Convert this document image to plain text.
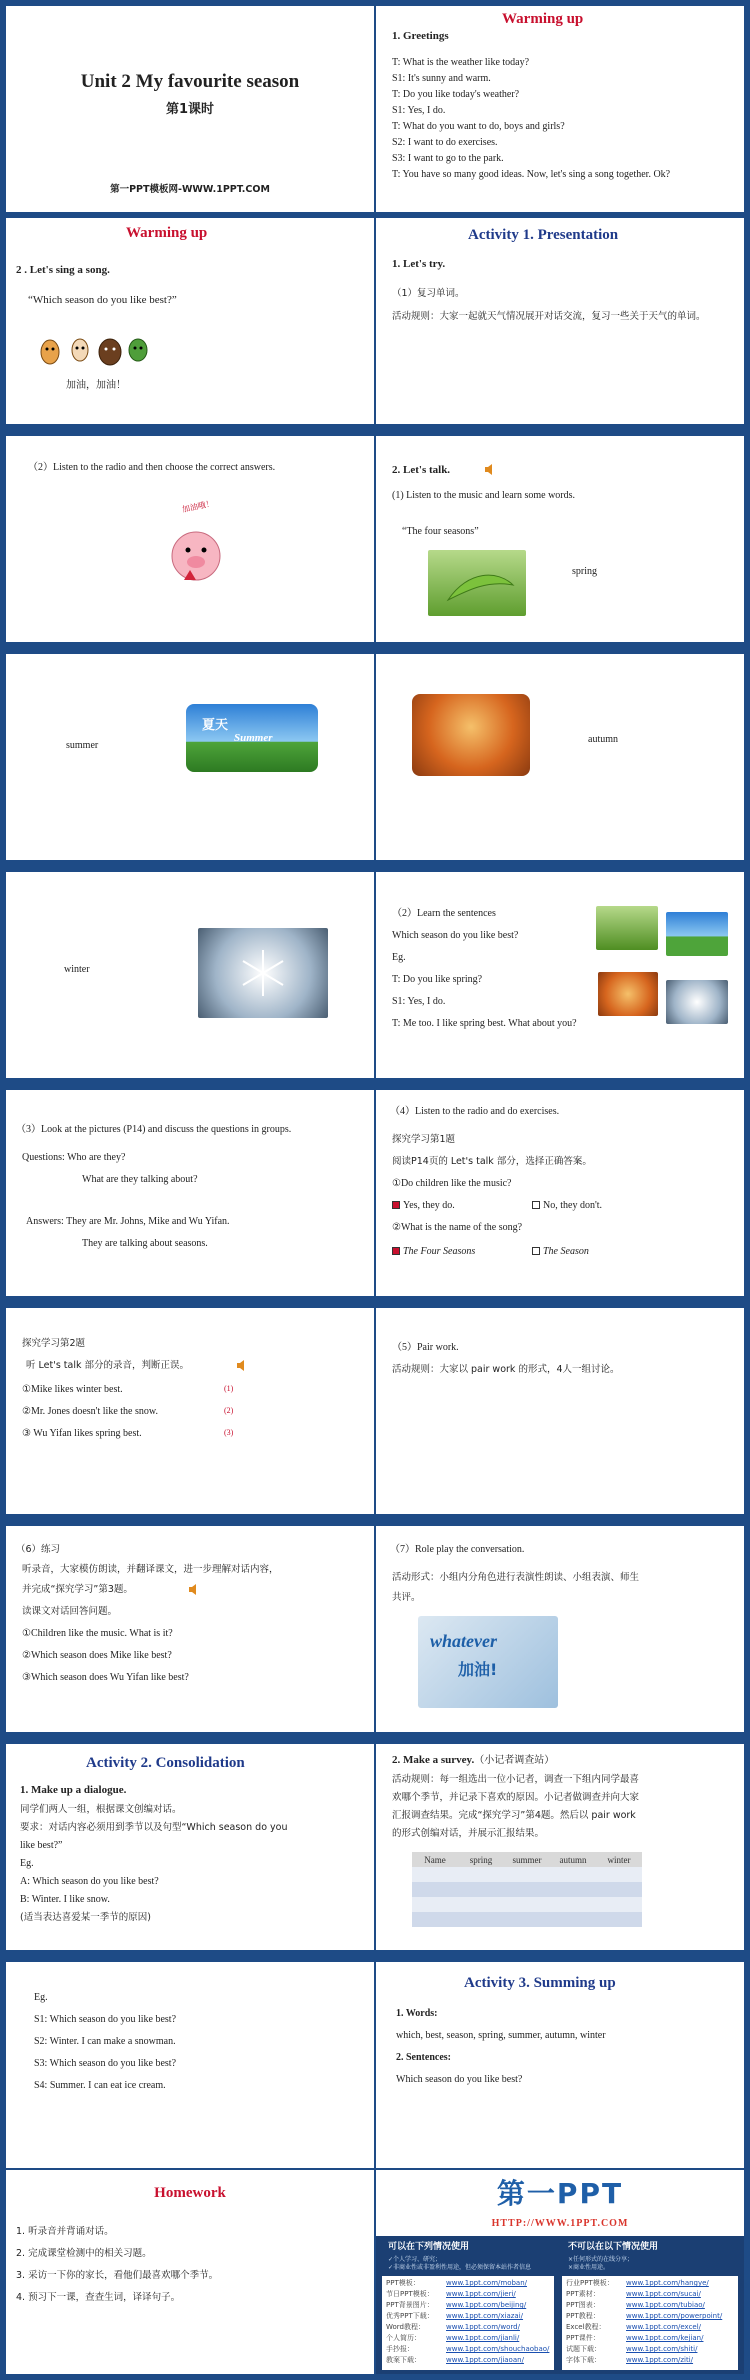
Unit 2 My favourite season
第1课时
第一PPT模板网-WWW.1PPT.COM
Warming up
1. Greetings
T: What is the weather like today?
S1: It's sunny and warm.
T: Do you like today's weather?
S1: Yes, I do.
T: What do you want to do, boys and girls?
S2: I want to do exercises.
S3: I want to go to the park.
T: You have so many good ideas. Now, let's sing a song together. Ok?
Warming up
2 . Let's sing a song.
“Which season do you like best?”
加油，加油！
Activity 1. Presentation
1. Let's try.
（1）复习单词。
活动规则：大家一起就天气情况展开对话交流，复习一些关于天气的单词。
（2）Listen to the radio and then choose the correct answers.
加油哦！
2. Let's talk.
(1) Listen to the music and learn some words.
“The four seasons”
spring
summer
夏天
Summer	autumn
winter
（2）Learn the sentences
Which season do you like best?
Eg.
T: Do you like spring?
S1: Yes, I do.
T: Me too. I like spring best. What about you?
（3）Look at the pictures (P14) and discuss the questions in groups.
Questions: Who are they?
What are they talking about?
Answers: They are Mr. Johns, Mike and Wu Yifan.
They are talking about seasons.
（4）Listen to the radio and do exercises.
探究学习第1题
阅读P14页的 Let's talk 部分，选择正确答案。
①Do children like the music?
Yes, they do.	No, they don't.
②What is the name of the song?
The Four Seasons	The Season
探究学习第2题
听 Let's talk 部分的录音，判断正误。
①Mike likes winter best.
②Mr. Jones doesn't like the snow.
③ Wu Yifan likes spring best.
(1)
(2)
(3)
（5）Pair work.
活动规则：大家以 pair work 的形式，4人一组讨论。
（6）练习
听录音，大家模仿朗读，并翻译课文，进一步理解对话内容，
并完成“探究学习”第3题。
读课文对话回答问题。
①Children like the music. What is it?
②Which season does Mike like best?
③Which season does Wu Yifan like best?
（7）Role play the conversation.
活动形式：小组内分角色进行表演性朗读、小组表演、师生
共评。
whatever
加油!
Activity 2. Consolidation
1. Make up a dialogue.
同学们两人一组，根据课文创编对话。
要求：对话内容必须用到季节以及句型“Which season do you
like best?”
Eg.
A: Which season do you like best?
B: Winter. I like snow.
(适当表达喜爱某一季节的原因)
2. Make a survey.（小记者调查站）
活动规则：每一组选出一位小记者，调查一下组内同学最喜
欢哪个季节，并记录下喜欢的原因。小记者做调查并向大家
汇报调查结果。完成“探究学习”第4题。然后以 pair work
的形式创编对话，并展示汇报结果。
Name	spring	summer	autumn	winter

Eg.
S1: Which season do you like best?
S2: Winter. I can make a snowman.
S3: Which season do you like best?
S4: Summer. I can eat ice cream.
Activity 3. Summing up
1. Words:
which, best, season, spring, summer, autumn, winter
2. Sentences:
Which season do you like best?
Homework
1. 听录音并背诵对话。
2. 完成课堂检测中的相关习题。
3. 采访一下你的家长，看他们最喜欢哪个季节。
4. 预习下一课，查查生词，译译句子。
第一PPT
HTTP://WWW.1PPT.COM
可以在下列情况使用	不可以在以下情况使用
✓个人学习、研究；
✓非商业性或非盈利性用途，但必须保留本站作者信息
×任何形式的在线分享；
×商业性用途。
PPT模板：	www.1ppt.com/moban/
节日PPT模板： www.1ppt.com/jieri/
PPT背景图片： www.1ppt.com/beijing/
优秀PPT下载： www.1ppt.com/xiazai/
Word教程：	www.1ppt.com/word/
个人简历：	www.1ppt.com/jianli/
手抄报：	www.1ppt.com/shouchaobao/
教案下载：	www.1ppt.com/jiaoan/
行业PPT模板： www.1ppt.com/hangye/
PPT素材：	www.1ppt.com/sucai/
PPT图表：	www.1ppt.com/tubiao/
PPT教程：	www.1ppt.com/powerpoint/
Excel教程：	www.1ppt.com/excel/
PPT课件：	www.1ppt.com/kejian/
试题下载：	www.1ppt.com/shiti/
字体下载：	www.1ppt.com/ziti/
